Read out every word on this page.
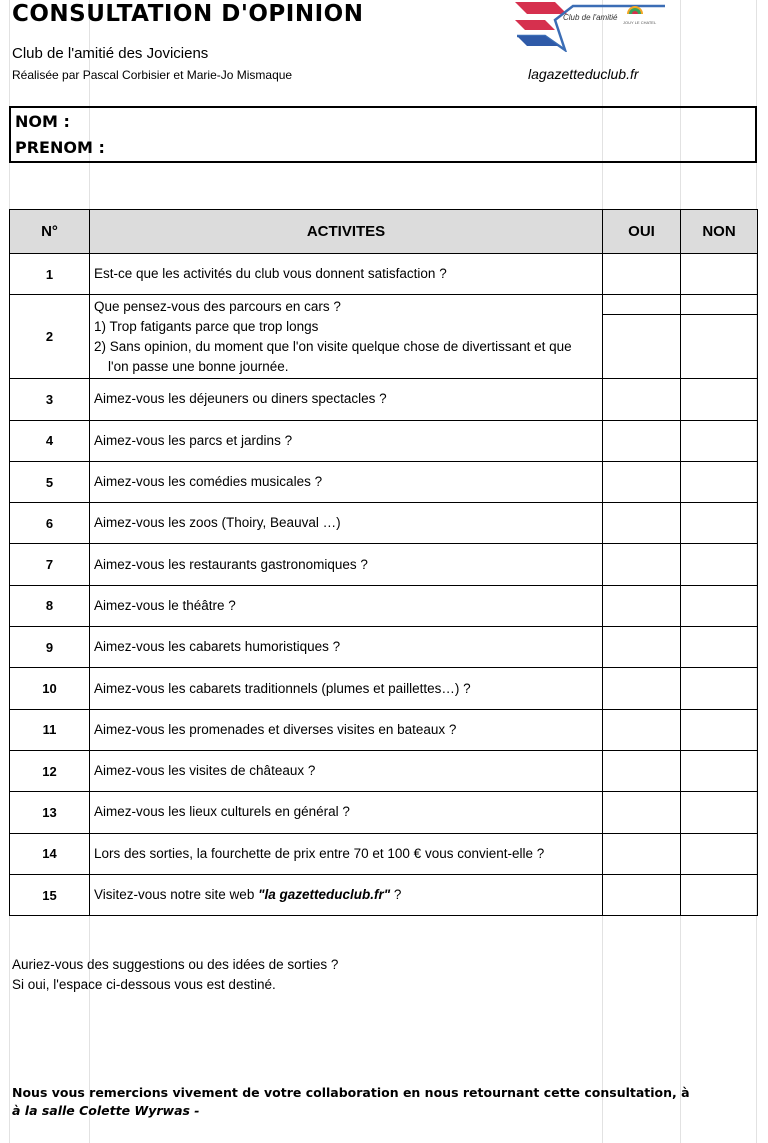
CONSULTATION D'OPINION
Club de l'amitié des Joviciens
Réalisée par Pascal Corbisier et Marie-Jo Mismaque	lagazetteduclub.fr
Club de l'amitié
JOUY LE CHATEL
NOM :
PRENOM :
N°	ACTIVITES	OUI	NON
1	Est-ce que les activités du club vous donnent satisfaction ?		
2	Que pensez-vous des parcours en cars ?
1) Trop fatigants parce que trop longs
2) Sans opinion, du moment que l'on visite quelque chose de divertissant et que
l'on passe une bonne journée.		

3	Aimez-vous les déjeuners ou diners spectacles ?		
4	Aimez-vous les parcs et jardins ?		
5	Aimez-vous les comédies musicales ?		
6	Aimez-vous les zoos (Thoiry, Beauval …)		
7	Aimez-vous les restaurants gastronomiques ?		
8	Aimez-vous le théâtre ?		
9	Aimez-vous les cabarets humoristiques ?		
10	Aimez-vous les cabarets traditionnels (plumes et paillettes…) ?		
11	Aimez-vous les promenades et diverses visites en bateaux ?		
12	Aimez-vous les visites de châteaux ?		
13	Aimez-vous les lieux culturels en général ?		
14	Lors des sorties, la fourchette de prix entre 70 et 100 € vous convient-elle ?		
15	Visitez-vous notre site web "la gazetteduclub.fr" ?		
Auriez-vous des suggestions ou des idées de sorties ?
Si oui, l'espace ci-dessous vous est destiné.
Nous vous remercions vivement de votre collaboration en nous retournant cette consultation, à
à la salle Colette Wyrwas -
